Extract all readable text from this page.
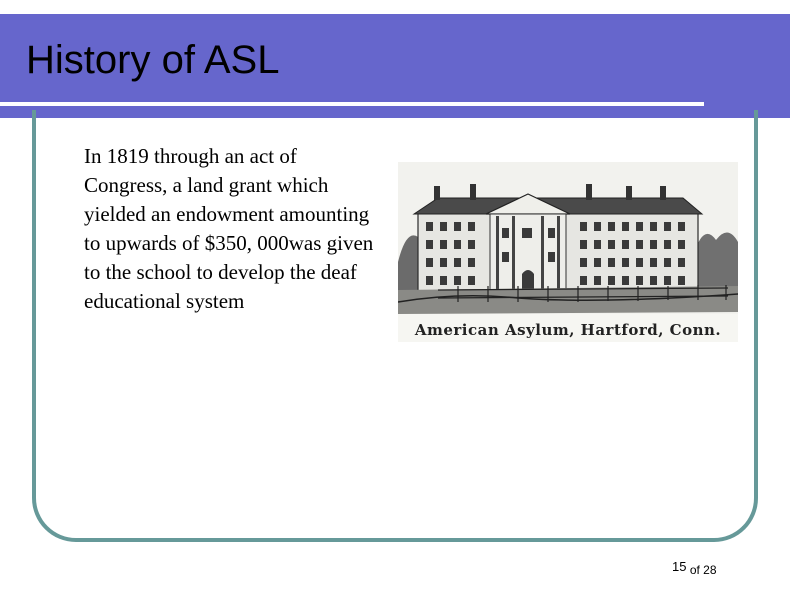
History of ASL
In 1819 through an act of Congress, a land grant which yielded an endowment amounting to upwards of $350, 000was given to the school to develop the deaf educational system
American Asylum, Hartford, Conn.
15 of 28
